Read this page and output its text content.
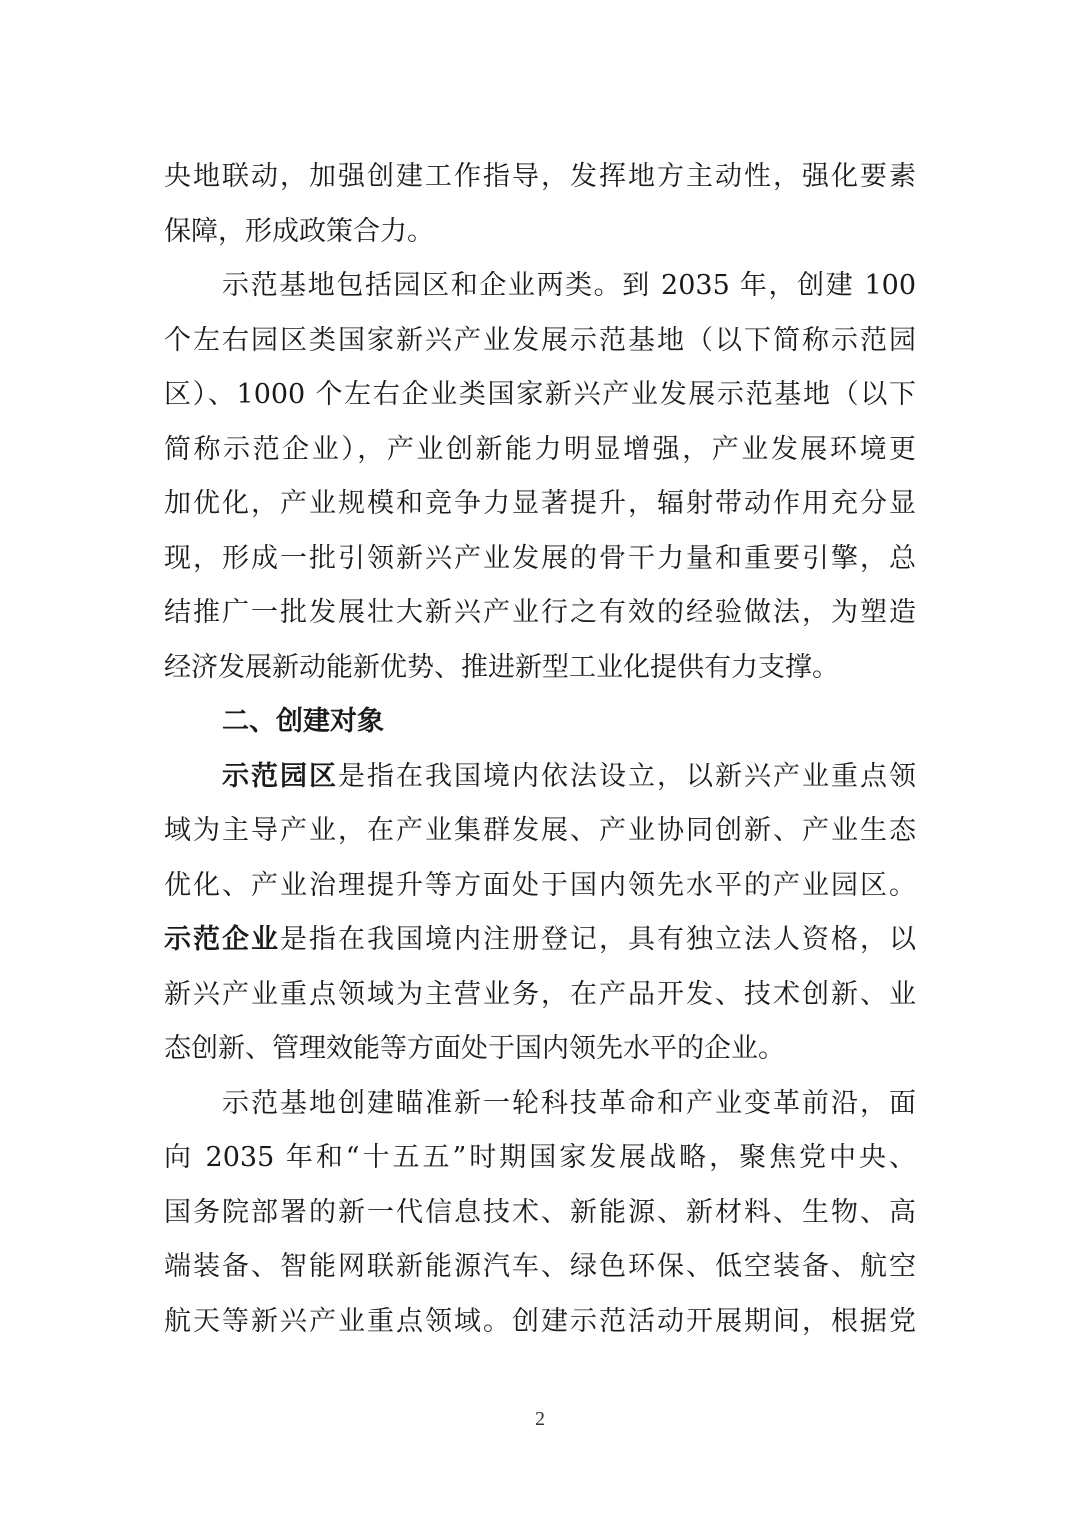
央地联动，加强创建工作指导，发挥地方主动性，强化要素
保障，形成政策合力。
示范基地包括园区和企业两类。到 2035 年，创建 100
个左右园区类国家新兴产业发展示范基地（以下简称示范园
区）、1000 个左右企业类国家新兴产业发展示范基地（以下
简称示范企业），产业创新能力明显增强，产业发展环境更
加优化，产业规模和竞争力显著提升，辐射带动作用充分显
现，形成一批引领新兴产业发展的骨干力量和重要引擎，总
结推广一批发展壮大新兴产业行之有效的经验做法，为塑造
经济发展新动能新优势、推进新型工业化提供有力支撑。
二、创建对象
示范园区是指在我国境内依法设立，以新兴产业重点领
域为主导产业，在产业集群发展、产业协同创新、产业生态
优化、产业治理提升等方面处于国内领先水平的产业园区。
示范企业是指在我国境内注册登记，具有独立法人资格，以
新兴产业重点领域为主营业务，在产品开发、技术创新、业
态创新、管理效能等方面处于国内领先水平的企业。
示范基地创建瞄准新一轮科技革命和产业变革前沿，面
向 2035 年和“十五五”时期国家发展战略，聚焦党中央、
国务院部署的新一代信息技术、新能源、新材料、生物、高
端装备、智能网联新能源汽车、绿色环保、低空装备、航空
航天等新兴产业重点领域。创建示范活动开展期间，根据党
2
